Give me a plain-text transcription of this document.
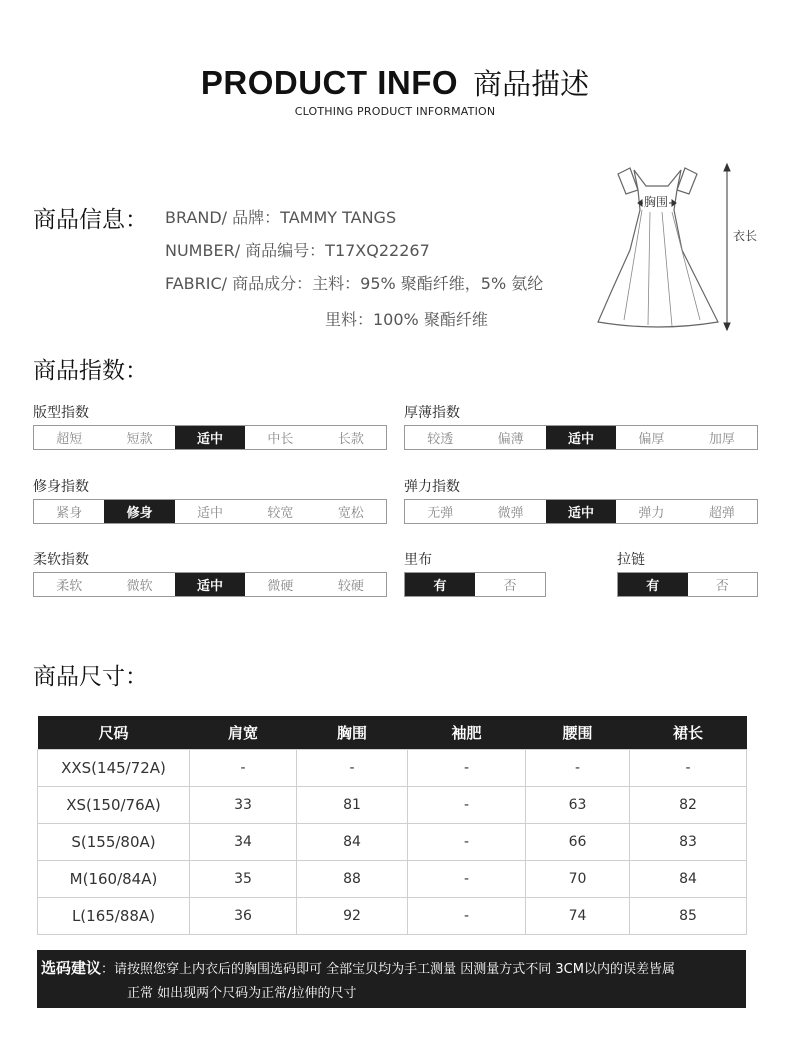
PRODUCT INFO 商品描述
CLOTHING PRODUCT INFORMATION
商品信息： BRAND/ 品牌：TAMMY TANGS
NUMBER/ 商品编号：T17XQ22267
FABRIC/ 商品成分：主料：95% 聚酯纤维，5% 氨纶
里料：100% 聚酯纤维
胸围
衣长
商品指数：
版型指数
超短	短款	适中	中长	长款
厚薄指数
较透	偏薄	适中	偏厚	加厚
修身指数
紧身	修身	适中	较宽	宽松
弹力指数
无弹	微弹	适中	弹力	超弹
柔软指数
柔软	微软	适中	微硬	较硬
里布
有	否
拉链
有	否
商品尺寸：
尺码	肩宽	胸围	袖肥	腰围	裙长
XXS(145/72A)	-	-	-	-	-
XS(150/76A)	33	81	-	63	82
S(155/80A)	34	84	-	66	83
M(160/84A)	35	88	-	70	84
L(165/88A)	36	92	-	74	85
选码建议：请按照您穿上内衣后的胸围选码即可 全部宝贝均为手工测量 因测量方式不同 3CM以内的误差皆属
正常 如出现两个尺码为正常/拉伸的尺寸
